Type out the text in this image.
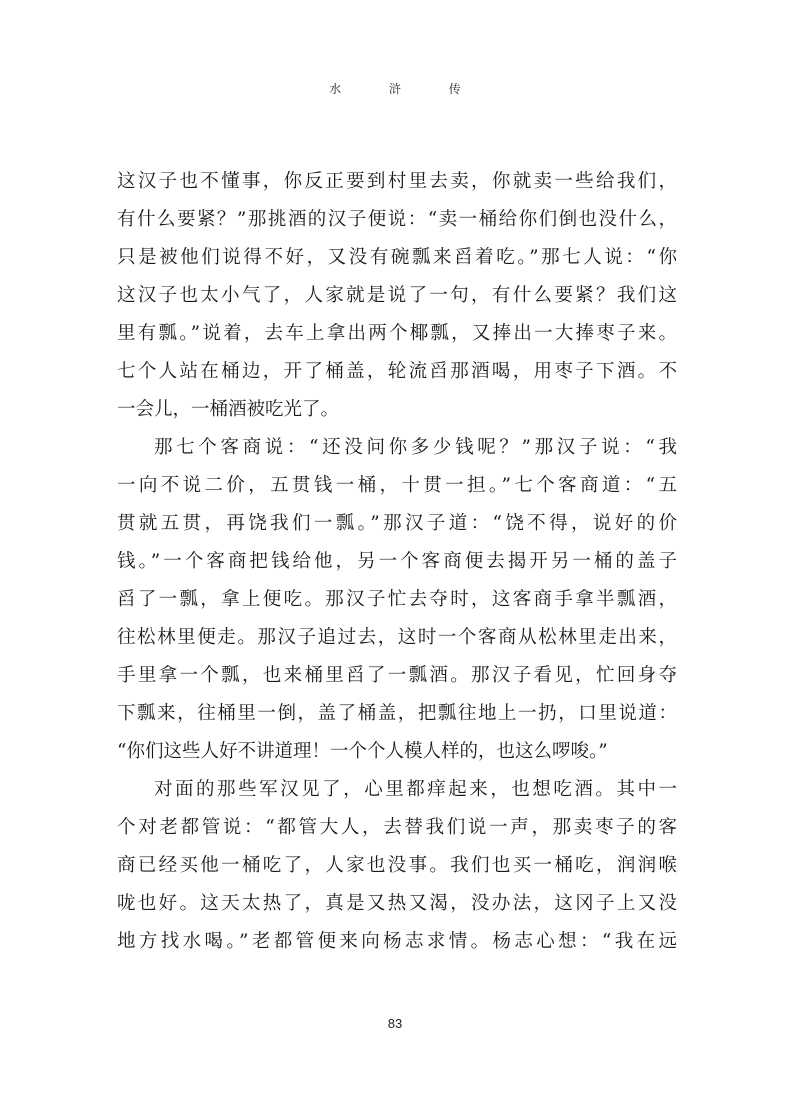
水 浒 传
这汉子也不懂事，你反正要到村里去卖，你就卖一些给我们，
有什么要紧？”那挑酒的汉子便说：“卖一桶给你们倒也没什么，
只是被他们说得不好，又没有碗瓢来舀着吃。”那七人说：“你
这汉子也太小气了，人家就是说了一句，有什么要紧？我们这
里有瓢。”说着，去车上拿出两个椰瓢，又捧出一大捧枣子来。
七个人站在桶边，开了桶盖，轮流舀那酒喝，用枣子下酒。不
一会儿，一桶酒被吃光了。
那七个客商说：“还没问你多少钱呢？”那汉子说：“我
一向不说二价，五贯钱一桶，十贯一担。”七个客商道：“五
贯就五贯，再饶我们一瓢。”那汉子道：“饶不得，说好的价
钱。”一个客商把钱给他，另一个客商便去揭开另一桶的盖子
舀了一瓢，拿上便吃。那汉子忙去夺时，这客商手拿半瓢酒，
往松林里便走。那汉子追过去，这时一个客商从松林里走出来，
手里拿一个瓢，也来桶里舀了一瓢酒。那汉子看见，忙回身夺
下瓢来，往桶里一倒，盖了桶盖，把瓢往地上一扔，口里说道：
“你们这些人好不讲道理！一个个人模人样的，也这么啰唆。”
对面的那些军汉见了，心里都痒起来，也想吃酒。其中一
个对老都管说：“都管大人，去替我们说一声，那卖枣子的客
商已经买他一桶吃了，人家也没事。我们也买一桶吃，润润喉
咙也好。这天太热了，真是又热又渴，没办法，这冈子上又没
地方找水喝。”老都管便来向杨志求情。杨志心想：“我在远
83
